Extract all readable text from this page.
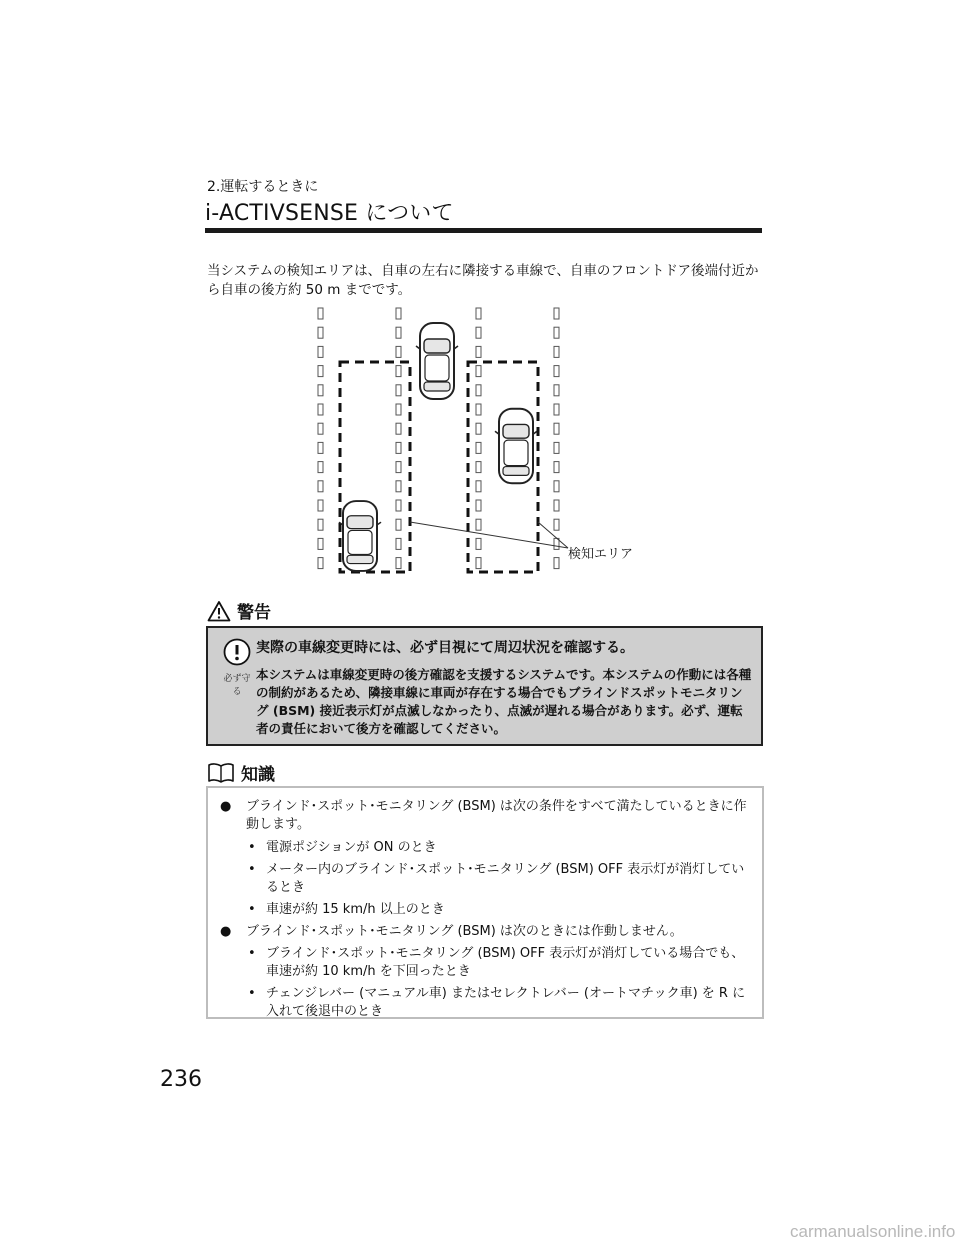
2.運転するときに
i-ACTIVSENSE について
当システムの検知エリアは、自車の左右に隣接する車線で、自車のフロントドア後端付近から自車の後方約 50 m までです。
検知エリア
警告
必ず守る
実際の車線変更時には、必ず目視にて周辺状況を確認する。
本システムは車線変更時の後方確認を支援するシステムです。本システムの作動には各種の制約があるため、隣接車線に車両が存在する場合でもブラインドスポットモニタリング (BSM) 接近表示灯が点滅しなかったり、点滅が遅れる場合があります。必ず、運転者の責任において後方を確認してください。
知識
● ブラインド･スポット･モニタリング (BSM) は次の条件をすべて満たしているときに作動します。
• 電源ポジションが ON のとき
• メーター内のブラインド･スポット･モニタリング (BSM) OFF 表示灯が消灯しているとき
• 車速が約 15 km/h 以上のとき
● ブラインド･スポット･モニタリング (BSM) は次のときには作動しません。
• ブラインド･スポット･モニタリング (BSM) OFF 表示灯が消灯している場合でも、車速が約 10 km/h を下回ったとき
• チェンジレバー (マニュアル車) またはセレクトレバー (オートマチック車) を R に入れて後退中のとき
236
carmanualsonline.info
